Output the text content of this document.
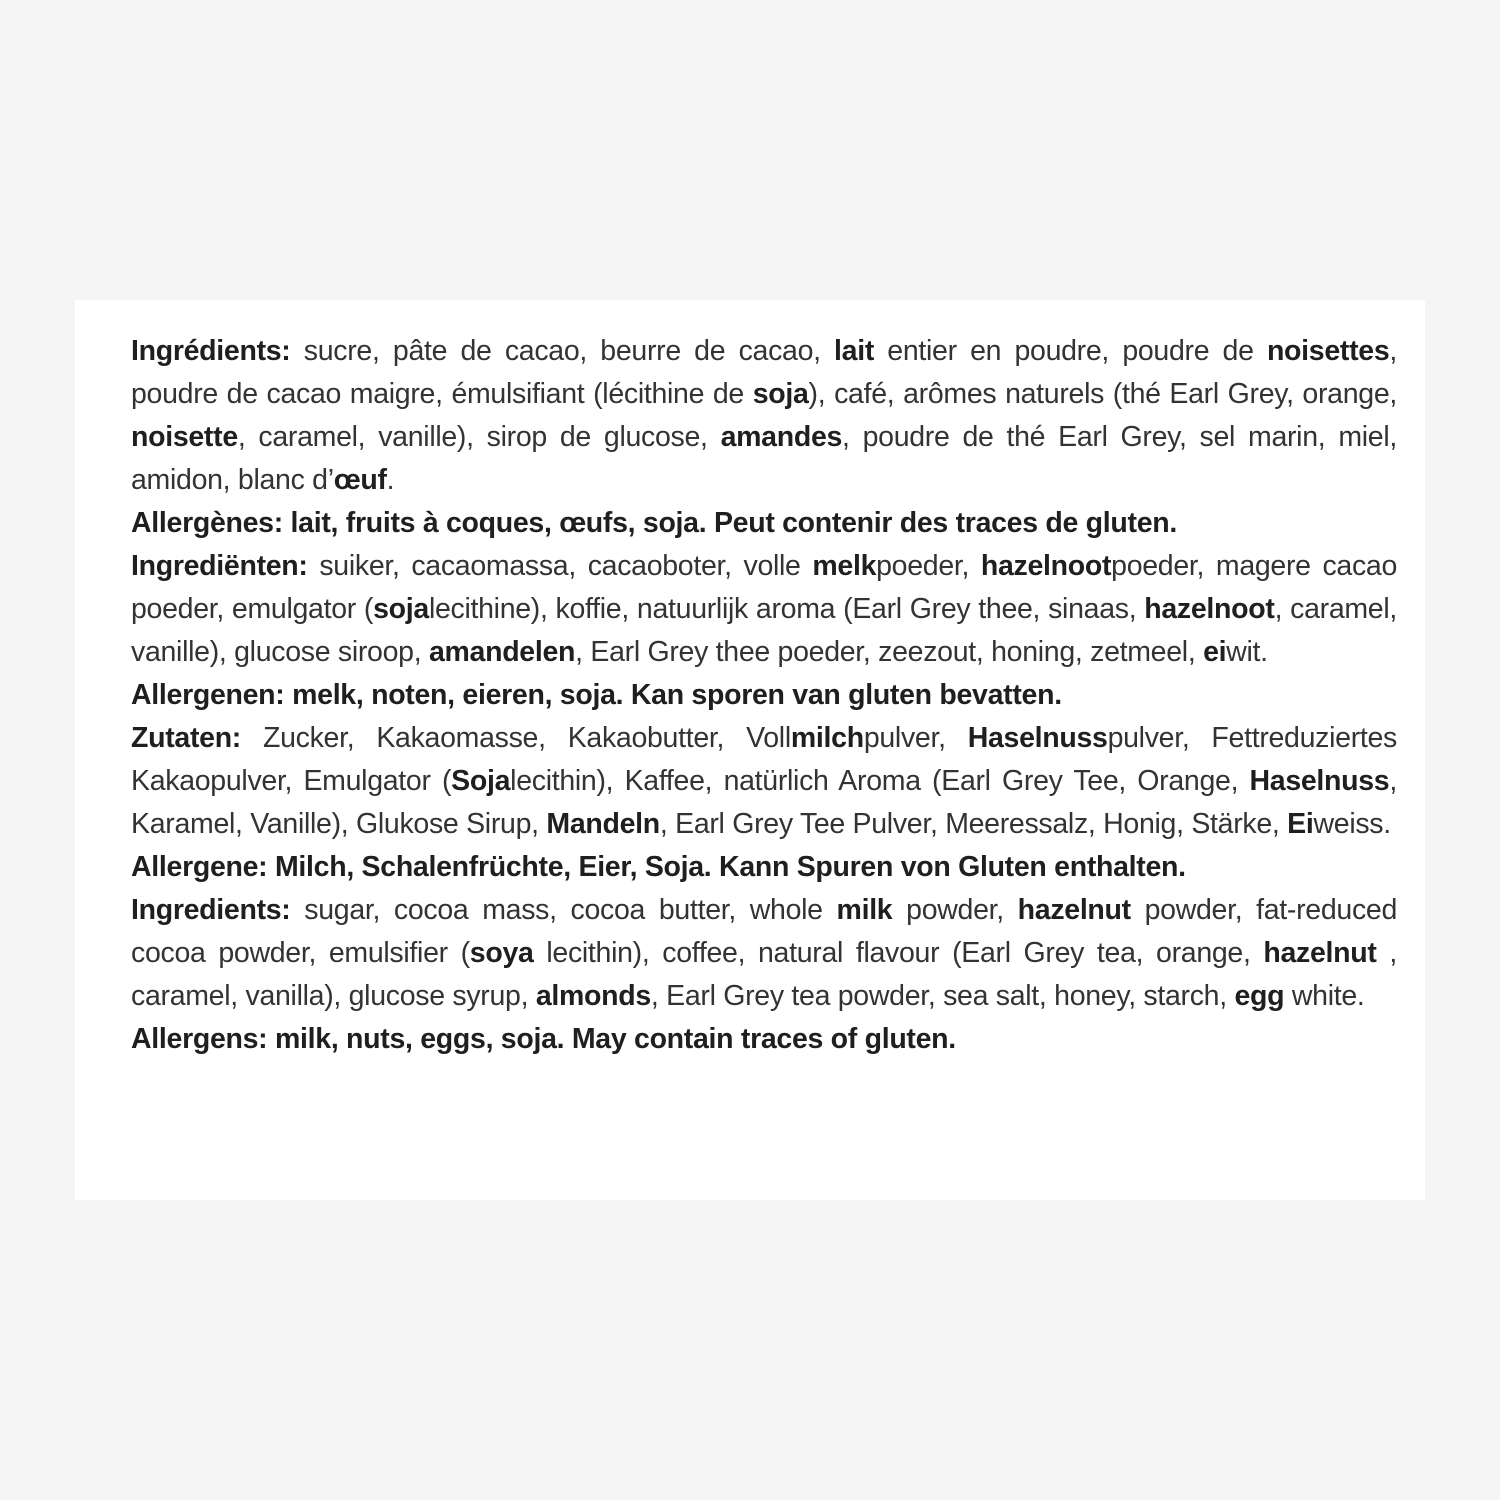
Ingrédients: sucre, pâte de cacao, beurre de cacao, lait entier en poudre, poudre de noisettes, poudre de cacao maigre, émulsifiant (lécithine de soja), café, arômes naturels (thé Earl Grey, orange, noisette, caramel, vanille), sirop de glucose, amandes, poudre de thé Earl Grey, sel marin, miel, amidon, blanc d’œuf.

Allergènes: lait, fruits à coques, œufs, soja. Peut contenir des traces de gluten.

Ingrediënten: suiker, cacaomassa, cacaoboter, volle melkpoeder, hazelnootpoeder, magere cacao poeder, emulgator (sojalecithine), koffie, natuurlijk aroma (Earl Grey thee, sinaas, hazelnoot, caramel, vanille), glucose siroop, amandelen, Earl Grey thee poeder, zeezout, honing, zetmeel, eiwit.

Allergenen: melk, noten, eieren, soja. Kan sporen van gluten bevatten.

Zutaten: Zucker, Kakaomasse, Kakaobutter, Vollmilchpulver, Haselnusspulver, Fettreduziertes Kakaopulver, Emulgator (Sojalecithin), Kaffee, natürlich Aroma (Earl Grey Tee, Orange, Haselnuss, Karamel, Vanille), Glukose Sirup, Mandeln, Earl Grey Tee Pulver, Meeressalz, Honig, Stärke, Eiweiss.

Allergene: Milch, Schalenfrüchte, Eier, Soja. Kann Spuren von Gluten enthalten.

Ingredients: sugar, cocoa mass, cocoa butter, whole milk powder, hazelnut powder, fat-reduced cocoa powder, emulsifier (soya lecithin), coffee, natural flavour (Earl Grey tea, orange, hazelnut , caramel, vanilla), glucose syrup, almonds, Earl Grey tea powder, sea salt, honey, starch, egg white.

Allergens: milk, nuts, eggs, soja. May contain traces of gluten.
